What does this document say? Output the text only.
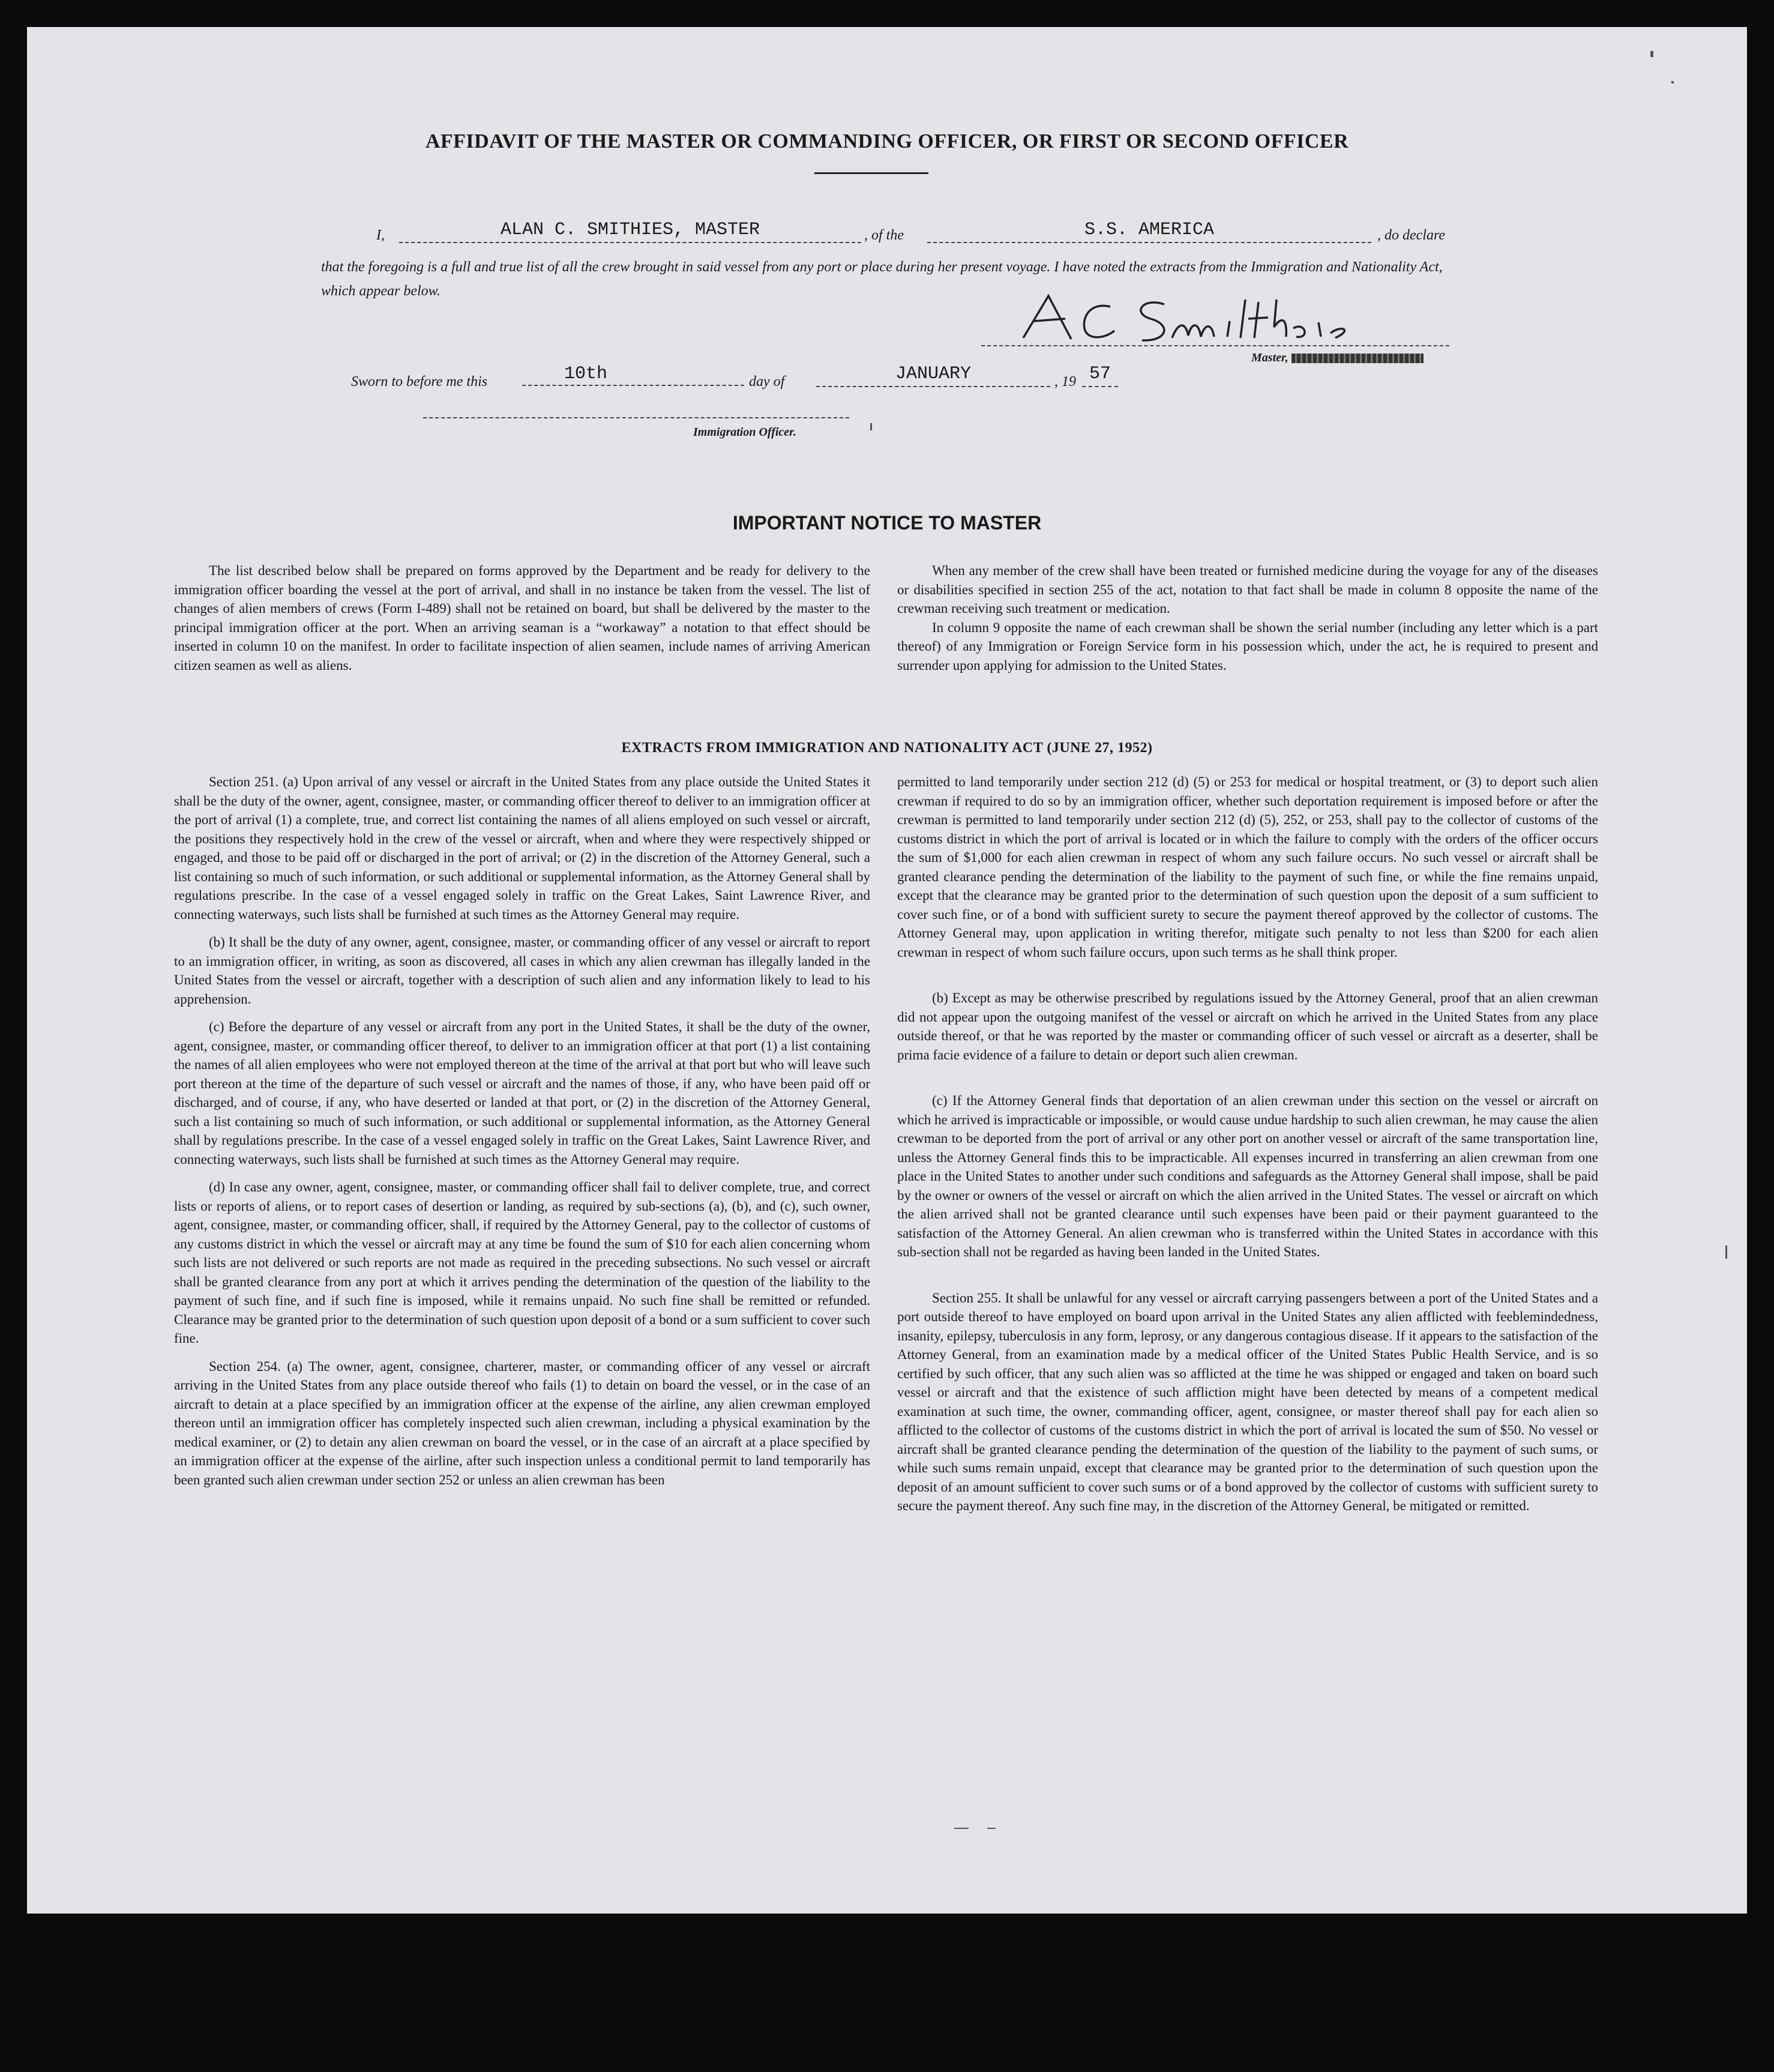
AFFIDAVIT OF THE MASTER OR COMMANDING OFFICER, OR FIRST OR SECOND OFFICER
I,	ALAN C. SMITHIES, MASTER	, of the	S.S. AMERICA	, do declare
that the foregoing is a full and true list of all the crew brought in said vessel from any port or place during her present voyage. I have noted the extracts from the Immigration and Nationality Act, which appear below.
Master,
Sworn to before me this	10th	day of	JANUARY	, 19 57
Immigration Officer.
IMPORTANT NOTICE TO MASTER

The list described below shall be prepared on forms approved by the Department and be ready for delivery to the immigration officer boarding the vessel at the port of arrival, and shall in no instance be taken from the vessel. The list of changes of alien members of crews (Form I-489) shall not be retained on board, but shall be delivered by the master to the principal immigration officer at the port. When an arriving seaman is a “workaway” a notation to that effect should be inserted in column 10 on the manifest. In order to facilitate inspection of alien seamen, include names of arriving American citizen seamen as well as aliens.

When any member of the crew shall have been treated or furnished medicine during the voyage for any of the diseases or disabilities specified in section 255 of the act, notation to that fact shall be made in column 8 opposite the name of the crewman receiving such treatment or medication.

In column 9 opposite the name of each crewman shall be shown the serial number (including any letter which is a part thereof) of any Immigration or Foreign Service form in his possession which, under the act, he is required to present and surrender upon applying for admission to the United States.

EXTRACTS FROM IMMIGRATION AND NATIONALITY ACT (JUNE 27, 1952)

Section 251. (a) Upon arrival of any vessel or aircraft in the United States from any place outside the United States it shall be the duty of the owner, agent, consignee, master, or commanding officer thereof to deliver to an immigration officer at the port of arrival (1) a complete, true, and correct list containing the names of all aliens employed on such vessel or aircraft, the positions they respectively hold in the crew of the vessel or aircraft, when and where they were respectively shipped or engaged, and those to be paid off or discharged in the port of arrival; or (2) in the discretion of the Attorney General, such a list containing so much of such information, or such additional or supplemental information, as the Attorney General shall by regulations prescribe. In the case of a vessel engaged solely in traffic on the Great Lakes, Saint Lawrence River, and connecting waterways, such lists shall be furnished at such times as the Attorney General may require.

(b) It shall be the duty of any owner, agent, consignee, master, or commanding officer of any vessel or aircraft to report to an immigration officer, in writing, as soon as discovered, all cases in which any alien crewman has illegally landed in the United States from the vessel or aircraft, together with a description of such alien and any information likely to lead to his apprehension.

(c) Before the departure of any vessel or aircraft from any port in the United States, it shall be the duty of the owner, agent, consignee, master, or commanding officer thereof, to deliver to an immigration officer at that port (1) a list containing the names of all alien employees who were not employed thereon at the time of the arrival at that port but who will leave such port thereon at the time of the departure of such vessel or aircraft and the names of those, if any, who have been paid off or discharged, and of course, if any, who have deserted or landed at that port, or (2) in the discretion of the Attorney General, such a list containing so much of such information, or such additional or supplemental information, as the Attorney General shall by regulations prescribe. In the case of a vessel engaged solely in traffic on the Great Lakes, Saint Lawrence River, and connecting waterways, such lists shall be furnished at such times as the Attorney General may require.

(d) In case any owner, agent, consignee, master, or commanding officer shall fail to deliver complete, true, and correct lists or reports of aliens, or to report cases of desertion or landing, as required by sub-sections (a), (b), and (c), such owner, agent, consignee, master, or commanding officer, shall, if required by the Attorney General, pay to the collector of customs of any customs district in which the vessel or aircraft may at any time be found the sum of $10 for each alien concerning whom such lists are not delivered or such reports are not made as required in the preceding subsections. No such vessel or aircraft shall be granted clearance from any port at which it arrives pending the determination of the question of the liability to the payment of such fine, and if such fine is imposed, while it remains unpaid. No such fine shall be remitted or refunded. Clearance may be granted prior to the determination of such question upon deposit of a bond or a sum sufficient to cover such fine.

Section 254. (a) The owner, agent, consignee, charterer, master, or commanding officer of any vessel or aircraft arriving in the United States from any place outside thereof who fails (1) to detain on board the vessel, or in the case of an aircraft to detain at a place specified by an immigration officer at the expense of the airline, any alien crewman employed thereon until an immigration officer has completely inspected such alien crewman, including a physical examination by the medical examiner, or (2) to detain any alien crewman on board the vessel, or in the case of an aircraft at a place specified by an immigration officer at the expense of the airline, after such inspection unless a conditional permit to land temporarily has been granted such alien crewman under section 252 or unless an alien crewman has been

permitted to land temporarily under section 212 (d) (5) or 253 for medical or hospital treatment, or (3) to deport such alien crewman if required to do so by an immigration officer, whether such deportation requirement is imposed before or after the crewman is permitted to land temporarily under section 212 (d) (5), 252, or 253, shall pay to the collector of customs of the customs district in which the port of arrival is located or in which the failure to comply with the orders of the officer occurs the sum of $1,000 for each alien crewman in respect of whom any such failure occurs. No such vessel or aircraft shall be granted clearance pending the determination of the liability to the payment of such fine, or while the fine remains unpaid, except that the clearance may be granted prior to the determination of such question upon the deposit of a sum sufficient to cover such fine, or of a bond with sufficient surety to secure the payment thereof approved by the collector of customs. The Attorney General may, upon application in writing therefor, mitigate such penalty to not less than $200 for each alien crewman in respect of whom such failure occurs, upon such terms as he shall think proper.

(b) Except as may be otherwise prescribed by regulations issued by the Attorney General, proof that an alien crewman did not appear upon the outgoing manifest of the vessel or aircraft on which he arrived in the United States from any place outside thereof, or that he was reported by the master or commanding officer of such vessel or aircraft as a deserter, shall be prima facie evidence of a failure to detain or deport such alien crewman.

(c) If the Attorney General finds that deportation of an alien crewman under this section on the vessel or aircraft on which he arrived is impracticable or impossible, or would cause undue hardship to such alien crewman, he may cause the alien crewman to be deported from the port of arrival or any other port on another vessel or aircraft of the same transportation line, unless the Attorney General finds this to be impracticable. All expenses incurred in transferring an alien crewman from one place in the United States to another under such conditions and safeguards as the Attorney General shall impose, shall be paid by the owner or owners of the vessel or aircraft on which the alien arrived in the United States. The vessel or aircraft on which the alien arrived shall not be granted clearance until such expenses have been paid or their payment guaranteed to the satisfaction of the Attorney General. An alien crewman who is transferred within the United States in accordance with this sub-section shall not be regarded as having been landed in the United States.

Section 255. It shall be unlawful for any vessel or aircraft carrying passengers between a port of the United States and a port outside thereof to have employed on board upon arrival in the United States any alien afflicted with feeblemindedness, insanity, epilepsy, tuberculosis in any form, leprosy, or any dangerous contagious disease. If it appears to the satisfaction of the Attorney General, from an examination made by a medical officer of the United States Public Health Service, and is so certified by such officer, that any such alien was so afflicted at the time he was shipped or engaged and taken on board such vessel or aircraft and that the existence of such affliction might have been detected by means of a competent medical examination at such time, the owner, commanding officer, agent, consignee, or master thereof shall pay for each alien so afflicted to the collector of customs of the customs district in which the port of arrival is located the sum of $50. No vessel or aircraft shall be granted clearance pending the determination of the question of the liability to the payment of such sums, or while such sums remain unpaid, except that clearance may be granted prior to the determination of such question upon the deposit of an amount sufficient to cover such sums or of a bond approved by the collector of customs with sufficient surety to secure the payment thereof. Any such fine may, in the discretion of the Attorney General, be mitigated or remitted.
